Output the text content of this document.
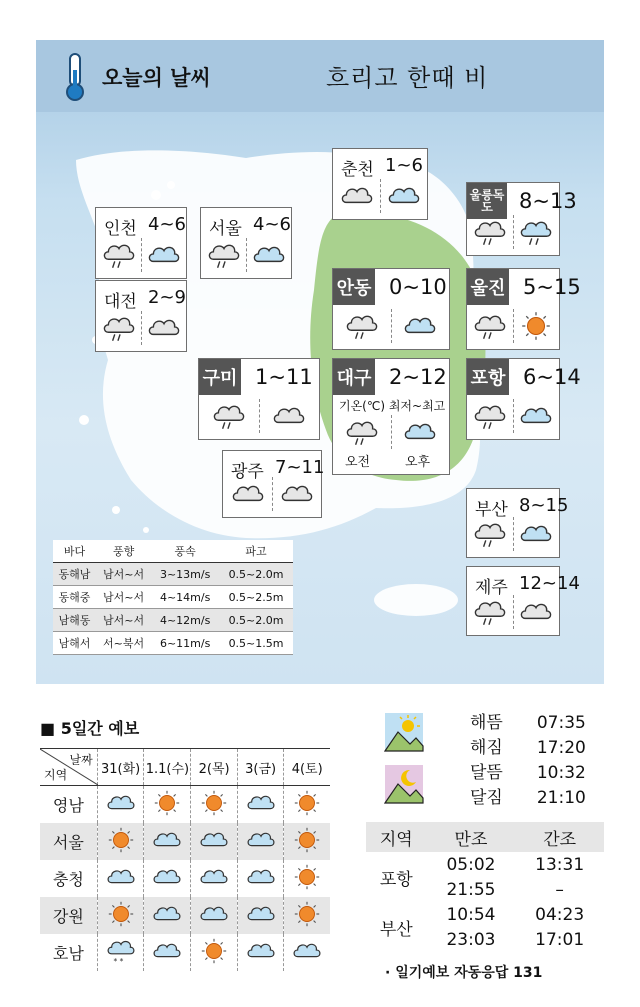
오늘의 날씨	흐리고 한때 비
춘천 1~6
울릉독도	8~13
인천 4~6 서울 4~6
대전 2~9	안동 0~10 울진 5~15
구미 1~11 대구 2~12
기온(℃) 최저~최고
오전	오후
포항 6~14
광주 7~11
부산 8~15
제주 12~14
바다	풍향	풍속	파고
동해남	남서~서	3~13m/s	0.5~2.0m
동해중	남서~서	4~14m/s	0.5~2.5m
남해동	남서~서	4~12m/s	0.5~2.0m
남해서	서~북서	6~11m/s	0.5~1.5m
■ 5일간 예보
날짜
지역	31(화)	1.1(수)	2(목)	3(금)	4(토)
영남					
서울					
충청					
강원					
호남	* *

해뜸 07:35
해짐 17:20
달뜸 10:32
달짐 21:10
지역	만조	간조
포항	05:02	13:31
	21:55	–
부산	10:54	04:23
	23:03	17:01
· 일기예보 자동응답 131
